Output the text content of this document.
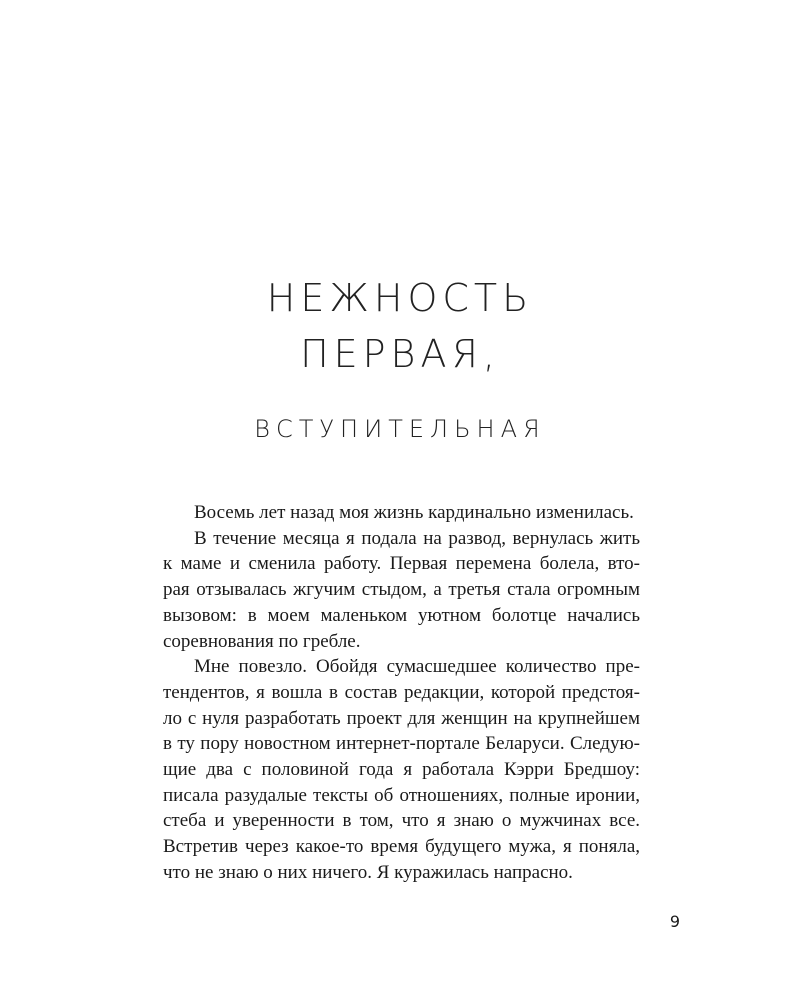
НЕЖНОСТЬ
ПЕРВАЯ,
ВСТУПИТЕЛЬНАЯ
Восемь лет назад моя жизнь кардинально изменилась.
В течение месяца я подала на развод, вернулась жить
к маме и сменила работу. Первая перемена болела, вто-
рая отзывалась жгучим стыдом, а третья стала огромным
вызовом: в моем маленьком уютном болотце начались
соревнования по гребле.
Мне повезло. Обойдя сумасшедшее количество пре-
тендентов, я вошла в состав редакции, которой предстоя-
ло с нуля разработать проект для женщин на крупнейшем
в ту пору новостном интернет-портале Беларуси. Следую-
щие два с половиной года я работала Кэрри Бредшоу:
писала разудалые тексты об отношениях, полные иронии,
стеба и уверенности в том, что я знаю о мужчинах все.
Встретив через какое-то время будущего мужа, я поняла,
что не знаю о них ничего. Я куражилась напрасно.
9
